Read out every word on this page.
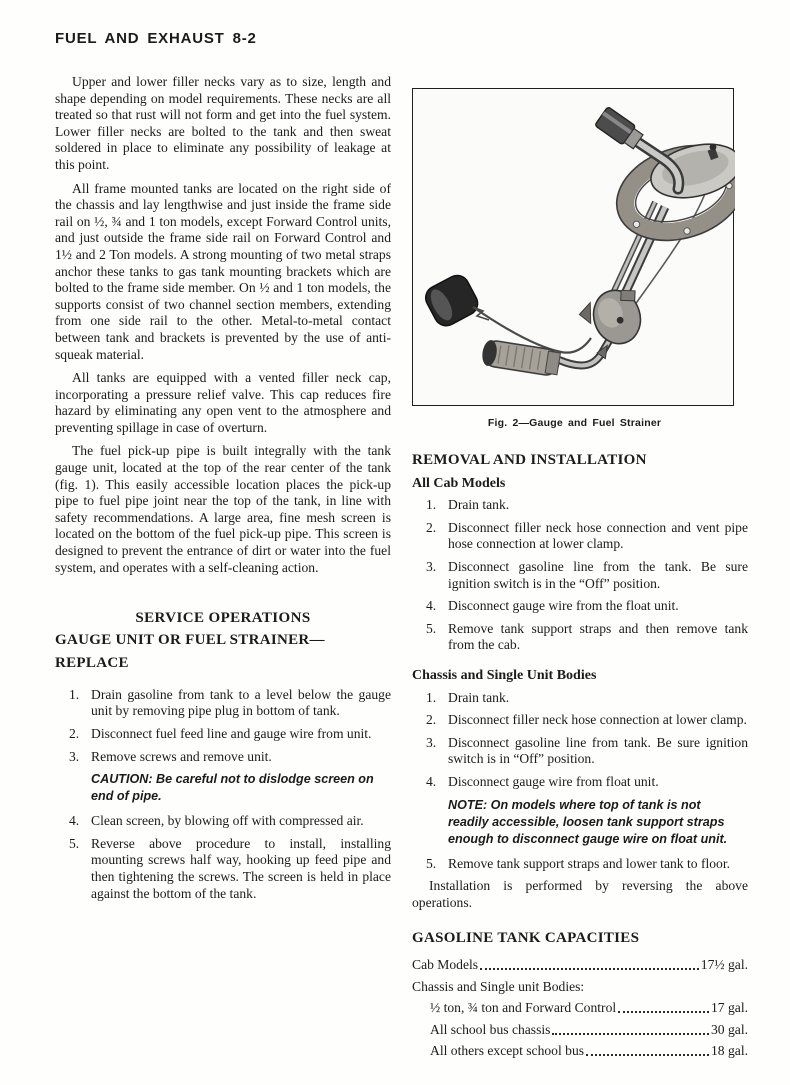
FUEL AND EXHAUST 8-2

Upper and lower filler necks vary as to size, length and shape depending on model requirements. These necks are all treated so that rust will not form and get into the fuel system. Lower filler necks are bolted to the tank and then sweat soldered in place to eliminate any possibility of leakage at this point.

All frame mounted tanks are located on the right side of the chassis and lay lengthwise and just inside the frame side rail on ½, ¾ and 1 ton models, except Forward Control units, and just outside the frame side rail on Forward Control and 1½ and 2 Ton models. A strong mounting of two metal straps anchor these tanks to gas tank mounting brackets which are bolted to the frame side member. On ½ and 1 ton models, the supports consist of two channel section members, extending from one side rail to the other. Metal-to-metal contact between tank and brackets is prevented by the use of anti-squeak material.

All tanks are equipped with a vented filler neck cap, incorporating a pressure relief valve. This cap reduces fire hazard by eliminating any open vent to the atmosphere and preventing spillage in case of overturn.

The fuel pick-up pipe is built integrally with the tank gauge unit, located at the top of the rear center of the tank (fig. 1). This easily accessible location places the pick-up pipe to fuel pipe joint near the top of the tank, in line with safety recommendations. A large area, fine mesh screen is located on the bottom of the fuel pick-up pipe. This screen is designed to prevent the entrance of dirt or water into the fuel system, and operates with a self-cleaning action.

SERVICE OPERATIONS
GAUGE UNIT OR FUEL STRAINER—
REPLACE
1. Drain gasoline from tank to a level below the gauge unit by removing pipe plug in bottom of tank.
2. Disconnect fuel feed line and gauge wire from unit.
3. Remove screws and remove unit.
CAUTION: Be careful not to dislodge screen on end of pipe.
4. Clean screen, by blowing off with compressed air.
5. Reverse above procedure to install, installing mounting screws half way, hooking up feed pipe and then tightening the screws. The screen is held in place against the bottom of the tank.
Fig. 2—Gauge and Fuel Strainer
REMOVAL AND INSTALLATION
All Cab Models
1. Drain tank.
2. Disconnect filler neck hose connection and vent pipe hose connection at lower clamp.
3. Disconnect gasoline line from the tank. Be sure ignition switch is in the “Off” position.
4. Disconnect gauge wire from the float unit.
5. Remove tank support straps and then remove tank from the cab.
Chassis and Single Unit Bodies
1. Drain tank.
2. Disconnect filler neck hose connection at lower clamp.
3. Disconnect gasoline line from tank. Be sure ignition switch is in “Off” position.
4. Disconnect gauge wire from float unit.
NOTE: On models where top of tank is not readily accessible, loosen tank support straps enough to disconnect gauge wire on float unit.
5. Remove tank support straps and lower tank to floor.

Installation is performed by reversing the above operations.

GASOLINE TANK CAPACITIES
Cab Models	17½ gal.
Chassis and Single unit Bodies:
½ ton, ¾ ton and Forward Control	17 gal.
All school bus chassis	30 gal.
All others except school bus	18 gal.
